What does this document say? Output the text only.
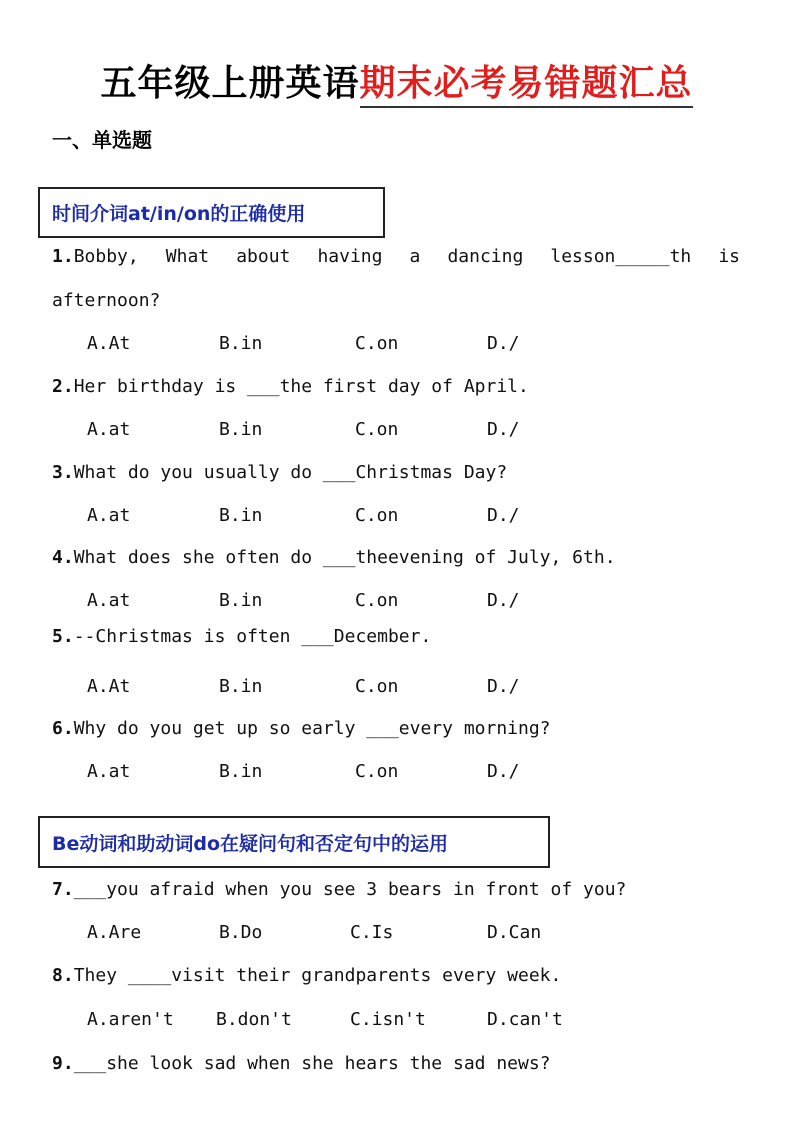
五年级上册英语期末必考易错题汇总
一、单选题
时间介词at/in/on的正确使用
1.Bobby, What about having a dancing lesson_____th is
afternoon?
A.At	B.in	C.on	D./
2.Her birthday is ___the first day of April.
A.at	B.in	C.on	D./
3.What do you usually do ___Christmas Day?
A.at	B.in	C.on	D./
4.What does she often do ___theevening of July, 6th.
A.at	B.in	C.on	D./
5.--Christmas is often ___December.
A.At	B.in	C.on	D./
6.Why do you get up so early ___every morning?
A.at	B.in	C.on	D./
Be动词和助动词do在疑问句和否定句中的运用
7.___you afraid when you see 3 bears in front of you?
A.Are	B.Do	C.Is	D.Can
8.They ____visit their grandparents every week.
A.aren't B.don't	C.isn't	D.can't
9.___she look sad when she hears the sad news?
